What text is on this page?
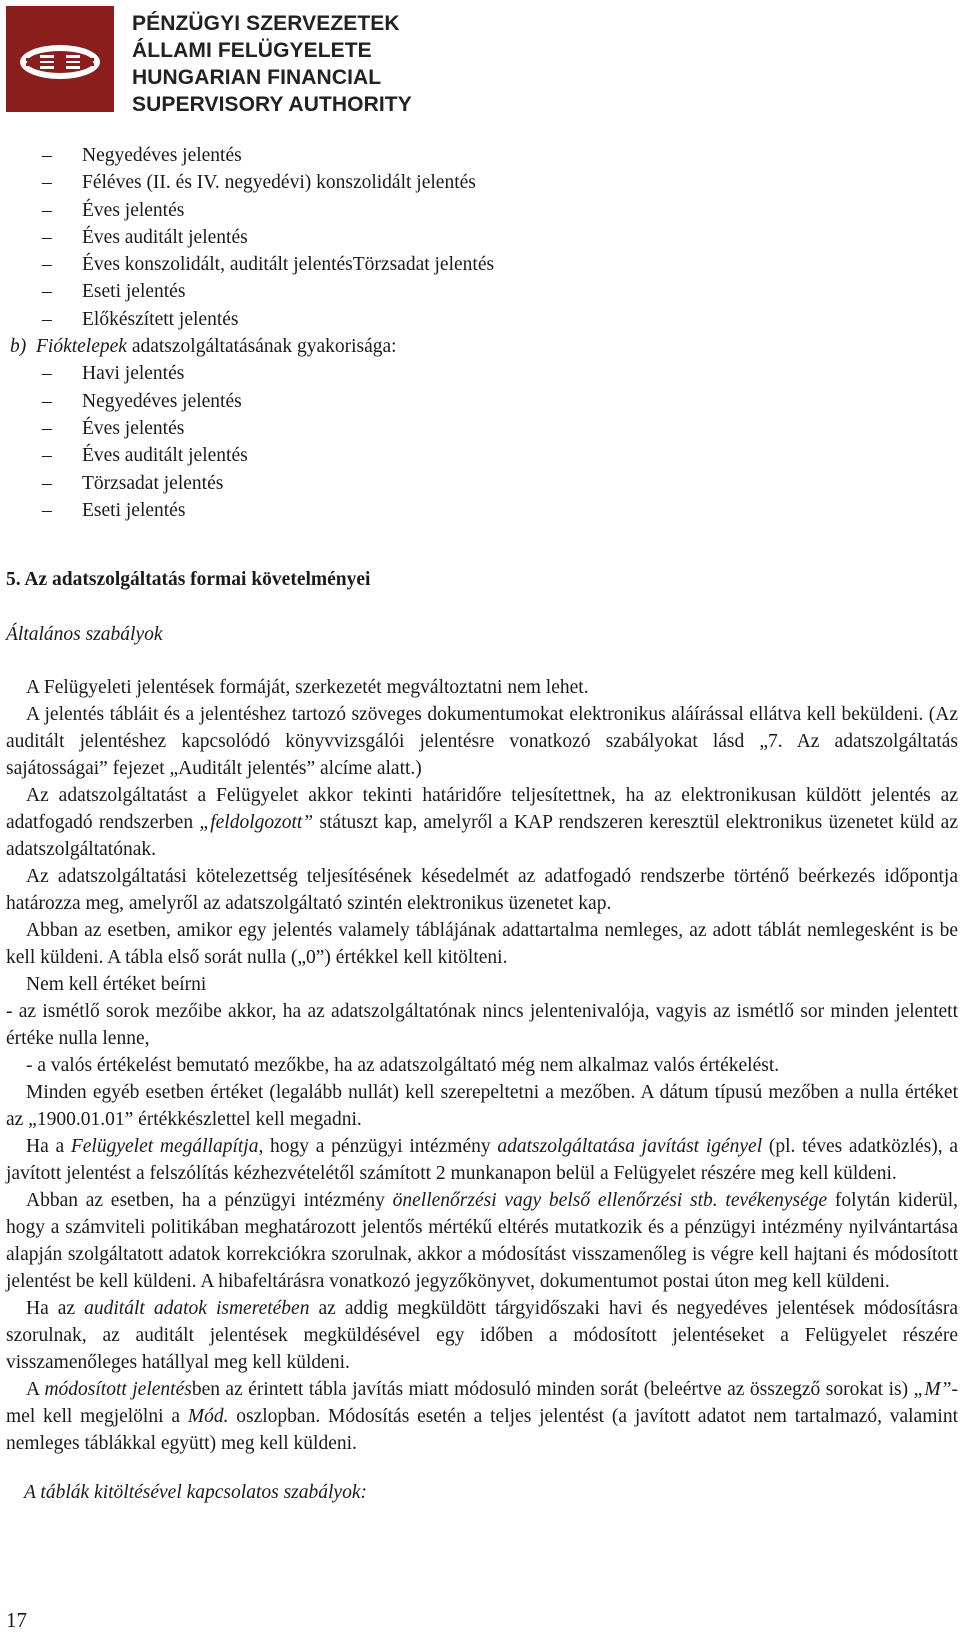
PÉNZÜGYI SZERVEZETEK
ÁLLAMI FELÜGYELETE
HUNGARIAN FINANCIAL
SUPERVISORY AUTHORITY
– Negyedéves jelentés
– Féléves (II. és IV. negyedévi) konszolidált jelentés
– Éves jelentés
– Éves auditált jelentés
– Éves konszolidált, auditált jelentésTörzsadat jelentés
– Eseti jelentés
– Előkészített jelentés
b) Fióktelepek adatszolgáltatásának gyakorisága:
– Havi jelentés
– Negyedéves jelentés
– Éves jelentés
– Éves auditált jelentés
– Törzsadat jelentés
– Eseti jelentés
5. Az adatszolgáltatás formai követelményei
Általános szabályok
A Felügyeleti jelentések formáját, szerkezetét megváltoztatni nem lehet.
A jelentés tábláit és a jelentéshez tartozó szöveges dokumentumokat elektronikus aláírással ellátva kell beküldeni. (Az auditált jelentéshez kapcsolódó könyvvizsgálói jelentésre vonatkozó szabályokat lásd „7. Az adatszolgáltatás sajátosságai” fejezet „Auditált jelentés” alcíme alatt.)
Az adatszolgáltatást a Felügyelet akkor tekinti határidőre teljesítettnek, ha az elektronikusan küldött jelentés az adatfogadó rendszerben „feldolgozott” státuszt kap, amelyről a KAP rendszeren keresztül elektronikus üzenetet küld az adatszolgáltatónak.
Az adatszolgáltatási kötelezettség teljesítésének késedelmét az adatfogadó rendszerbe történő beérkezés időpontja határozza meg, amelyről az adatszolgáltató szintén elektronikus üzenetet kap.
Abban az esetben, amikor egy jelentés valamely táblájának adattartalma nemleges, az adott táblát nemlegesként is be kell küldeni. A tábla első sorát nulla („0”) értékkel kell kitölteni.
Nem kell értéket beírni
- az ismétlő sorok mezőibe akkor, ha az adatszolgáltatónak nincs jelentenivalója, vagyis az ismétlő sor minden jelentett értéke nulla lenne,
- a valós értékelést bemutató mezőkbe, ha az adatszolgáltató még nem alkalmaz valós értékelést.
Minden egyéb esetben értéket (legalább nullát) kell szerepeltetni a mezőben. A dátum típusú mezőben a nulla értéket az „1900.01.01” értékkészlettel kell megadni.
Ha a Felügyelet megállapítja, hogy a pénzügyi intézmény adatszolgáltatása javítást igényel (pl. téves adatközlés), a javított jelentést a felszólítás kézhezvételétől számított 2 munkanapon belül a Felügyelet részére meg kell küldeni.
Abban az esetben, ha a pénzügyi intézmény önellenőrzési vagy belső ellenőrzési stb. tevékenysége folytán kiderül, hogy a számviteli politikában meghatározott jelentős mértékű eltérés mutatkozik és a pénzügyi intézmény nyilvántartása alapján szolgáltatott adatok korrekciókra szorulnak, akkor a módosítást visszamenőleg is végre kell hajtani és módosított jelentést be kell küldeni. A hibafeltárásra vonatkozó jegyzőkönyvet, dokumentumot postai úton meg kell küldeni.
Ha az auditált adatok ismeretében az addig megküldött tárgyidőszaki havi és negyedéves jelentések módosításra szorulnak, az auditált jelentések megküldésével egy időben a módosított jelentéseket a Felügyelet részére visszamenőleges hatállyal meg kell küldeni.
A módosított jelentésben az érintett tábla javítás miatt módosuló minden sorát (beleértve az összegző sorokat is) „M”-mel kell megjelölni a Mód. oszlopban. Módosítás esetén a teljes jelentést (a javított adatot nem tartalmazó, valamint nemleges táblákkal együtt) meg kell küldeni.
A táblák kitöltésével kapcsolatos szabályok:
17
